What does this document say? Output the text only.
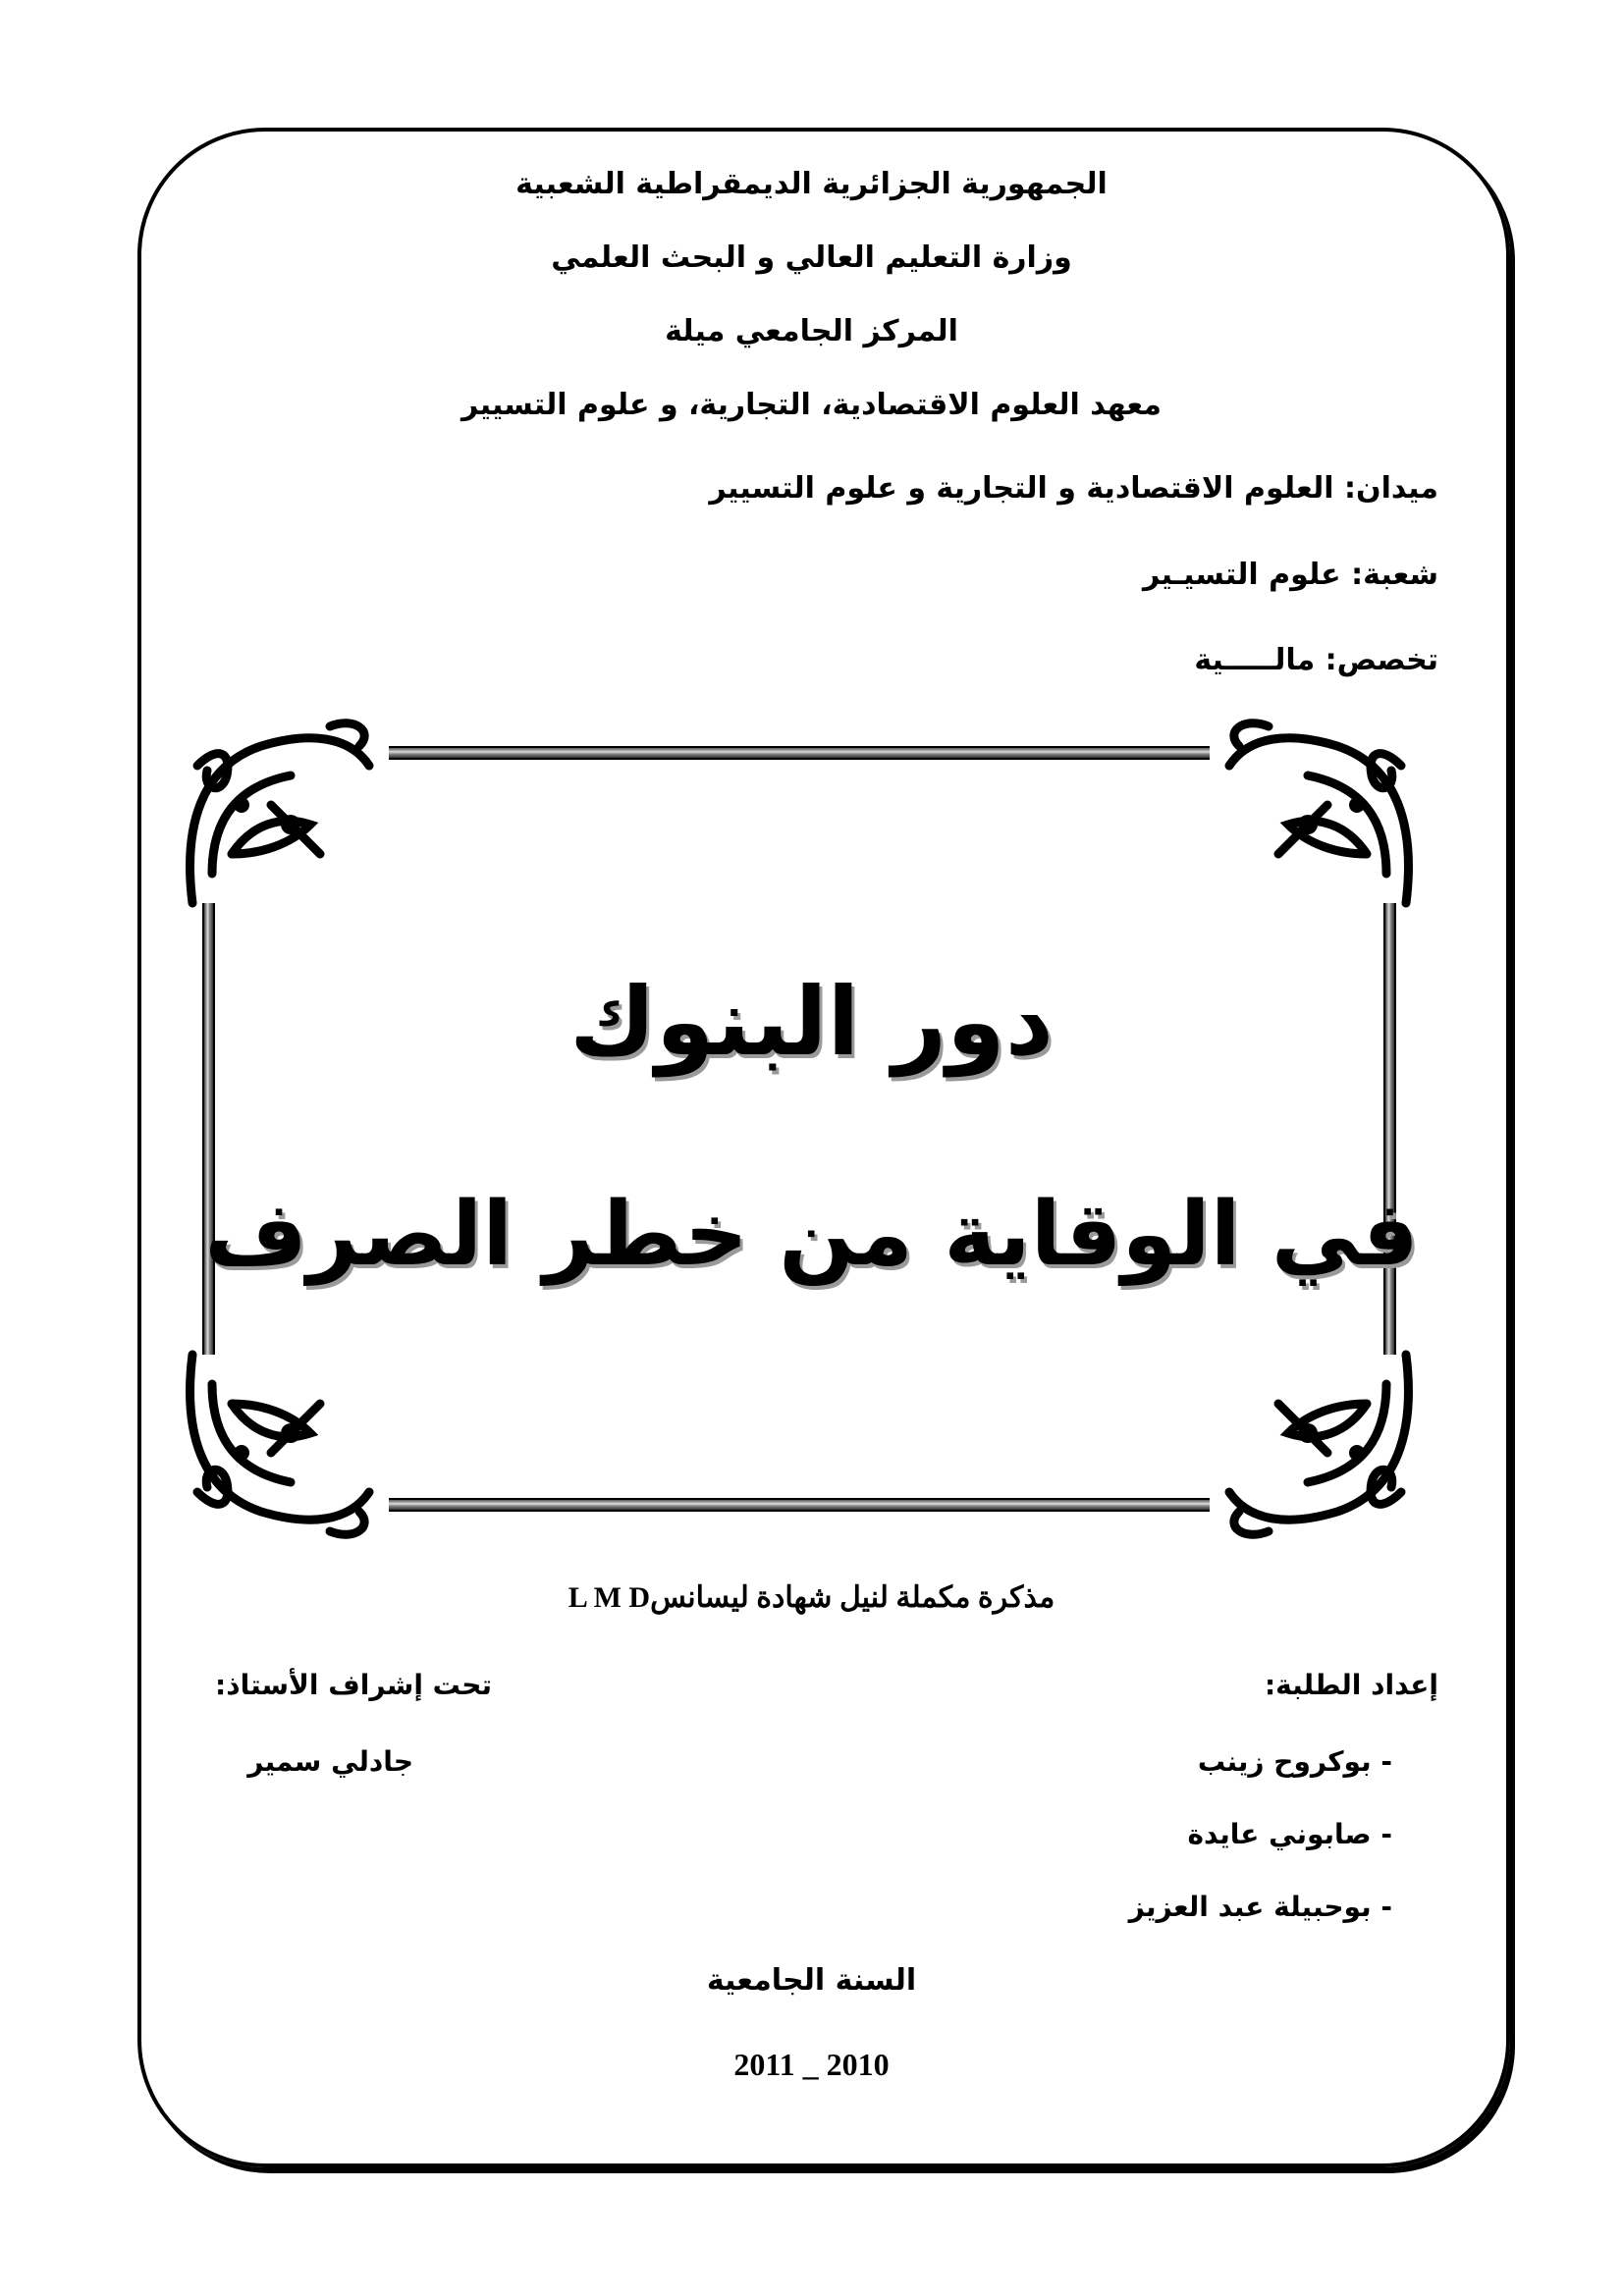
الجمهورية الجزائرية الديمقراطية الشعبية
وزارة التعليم العالي و البحث العلمي
المركز الجامعي ميلة
معهد العلوم الاقتصادية، التجارية، و علوم التسيير
ميدان: العلوم الاقتصادية و التجارية و علوم التسيير
شعبة: علوم التسيـير
تخصص: مالـــــية
دور البنوك
في الوقاية من خطر الصرف
مذكرة مكملة لنيل شهادة ليسانسL M D
إعداد الطلبة:
تحت إشراف الأستاذ:
- بوكروح زينب
جادلي سمير
- صابوني عايدة
- بوحبيلة عبد العزيز
السنة الجامعية
2011 _ 2010
